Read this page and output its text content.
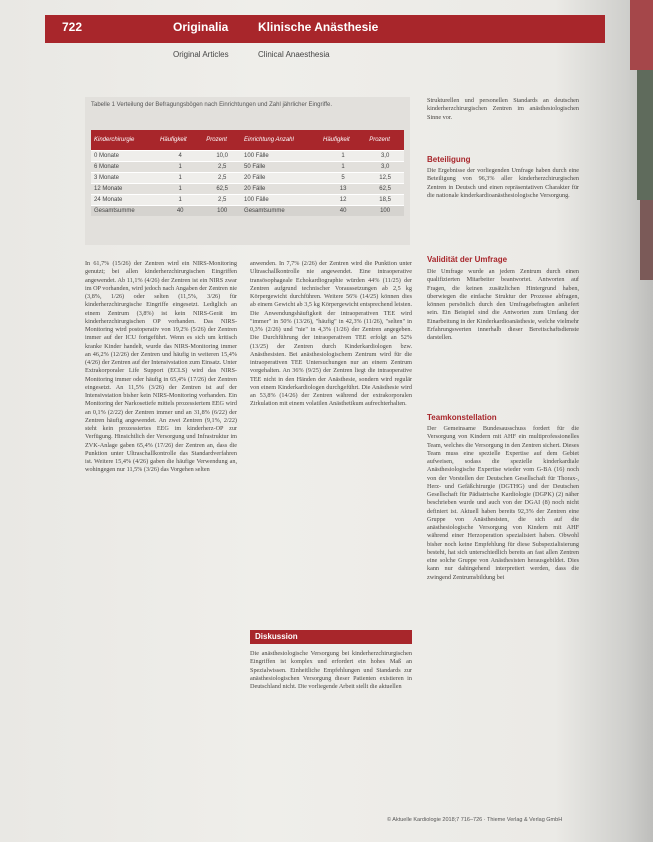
722	Originalia Klinische Anästhesie
Original Articles	Clinical Anaesthesia
Tabelle 1 Verteilung der Befragungsbögen nach Einrichtungen und Zahl jährlicher Eingriffe.
Kinderchirurgie	Häufigkeit	Prozent	Einrichtung Anzahl	Häufigkeit	Prozent
0 Monate	4	10,0	100 Fälle	1	3,0
6 Monate	1	2,5	50 Fälle	1	3,0
3 Monate	1	2,5	20 Fälle	5	12,5
12 Monate	1	62,5	20 Fälle	13	62,5
24 Monate	1	2,5	100 Fälle	12	18,5
Gesamtsumme	40	100	Gesamtsumme	40	100
In 61,7% (15/26) der Zentren wird ein NIRS-Monitoring genutzt; bei allen kinderherzchirurgischen Eingriffen angewendet. Ab 11,1% (4/26) der Zentren ist ein NIRS zwar im OP vorhanden, wird jedoch nach Angaben der Zentren nie (3,8%, 1/26) oder selten (11,5%, 3/26) für kinderherzchirurgische Eingriffe eingesetzt. Lediglich an einem Zentrum (3,8%) ist kein NIRS-Gerät im kinderherzchirurgischen OP vorhanden. Das NIRS-Monitoring wird postoperativ von 19,2% (5/26) der Zentren immer auf der ICU fortgeführt. Wenn es sich um kritisch kranke Kinder handelt, wurde das NIRS-Monitoring immer an 46,2% (12/26) der Zentren und häufig in weiteren 15,4% (4/26) der Zentren auf der Intensivstation zum Einsatz. Unter Extrakorporaler Life Support (ECLS) wird das NIRS-Monitoring immer oder häufig in 65,4% (17/26) der Zentren eingesetzt. An 11,5% (3/26) der Zentren ist auf der Intensivstation bisher kein NIRS-Monitoring vorhanden. Ein Monitoring der Narkosetiefe mittels prozessiertem EEG wird an 0,1% (2/22) der Zentren immer und an 31,8% (6/22) der Zentren häufig angewendet. An zwei Zentren (9,1%, 2/22) steht kein prozessiertes EEG im kinderherz-OP zur Verfügung. Hinsichtlich der Versorgung und Infrastruktur im ZVK-Anlage gaben 65,4% (17/26) der Zentren an, dass die Punktion unter Ultraschallkontrolle das Standardverfahren ist. Weitere 15,4% (4/26) gaben die häufige Verwendung an, wohingegen nur 11,5% (3/26) das Vorgehen selten
anwenden. In 7,7% (2/26) der Zentren wird die Punktion unter Ultraschallkontrolle nie angewendet. Eine intraoperative transösophageale Echokardiographie würden 44% (11/25) der Zentren aufgrund technischer Voraussetzungen ab 2,5 kg Körpergewicht durchführen. Weitere 56% (14/25) können dies ab einem Gewicht ab 3,5 kg Körpergewicht entsprechend leisten. Die Anwendungshäufigkeit der intraoperativen TEE wird "immer" in 50% (13/26), "häufig" in 42,3% (11/26), "selten" in 0,3% (2/26) und "nie" in 4,3% (1/26) der Zentren angegeben. Die Durchführung der intraoperativen TEE erfolgt an 52% (13/25) der Zentren durch Kinderkardiologen bzw. Anästhesisten. Bei anästhesiologischem Zentrum wird für die intraoperativen TEE Untersuchungen nur an einem Zentrum vorgehalten. An 36% (9/25) der Zentren liegt die intraoperative TEE nicht in den Händen der Anästhesie, sondern wird regulär von einem Kinderkardiologen durchgeführt. Die Anästhesie wird an 53,8% (14/26) der Zentren während der extrakorporalen Zirkulation mit einem volatilen Anästhetikum aufrechterhalten.
Diskussion
Die anästhesiologische Versorgung bei kinderherzchirurgischen Eingriffen ist komplex und erfordert ein hohes Maß an Spezialwissen. Einheitliche Empfehlungen und Standards zur anästhesiologischen Versorgung dieser Patienten existieren in Deutschland nicht. Die vorliegende Arbeit stellt die aktuellen
Strukturellen und personellen Standards an deutschen kinderherzchirurgischen Zentren im anästhesiologischen Sinne vor.
Beteiligung
Die Ergebnisse der vorliegenden Umfrage haben durch eine Beteiligung von 96,3% aller kinderherzchirurgischen Zentren in Deutsch und einen repräsentativen Charakter für die nationale kinderkardioanästhesiologische Versorgung.
Validität der Umfrage
Die Umfrage wurde an jedem Zentrum durch einen qualifizierten Mitarbeiter beantwortet. Antworten auf Fragen, die keinen zusätzlichen Hintergrund haben, überwiegen die einfache Struktur der Prozesse abfragen, können persönlich durch den Umfragebefragten anliefert sein. Ein Beispiel sind die Antworten zum Umfang der Einarbeitung in der Kinderkardioanästhesie, welche vielmehr Erfahrungswerten innerhalb dieser Bereitschaftsdienste darstellen.
Teamkonstellation
Der Gemeinsame Bundesausschuss fordert für die Versorgung von Kindern mit AHF ein multiprofessionelles Team, welches die Versorgung in den Zentren sichert. Dieses Team muss eine spezielle Expertise auf dem Gebiet aufweisen, sodass die spezielle kinderkardiale Anästhesiologische Expertise wieder vom G-BA (16) noch von der Vorstellen der Deutschen Gesellschaft für Thorax-, Herz- und Gefäßchirurgie (DGTHG) und der Deutschen Gesellschaft für Pädiatrische Kardiologie (DGPK) (2) näher beschrieben wurde und auch von der DGAI (8) noch nicht definiert ist. Aktuell haben bereits 92,3% der Zentren eine Gruppe von Anästhesisten, die sich auf die anästhesiologische Versorgung von Kindern mit AHF während einer Herzoperation spezialisiert haben. Obwohl bisher noch keine Empfehlung für diese Subspezialisierung besteht, hat sich unterschiedlich bereits an fast allen Zentren eine solche Gruppe von Anästhesisten herausgebildet. Dies kann nur dahingehend interpretiert werden, dass die zwingend Zentrumsbildung bei
© Aktuelle Kardiologie 2018;7 716–726 · Thieme Verlag & Verlag GmbH
